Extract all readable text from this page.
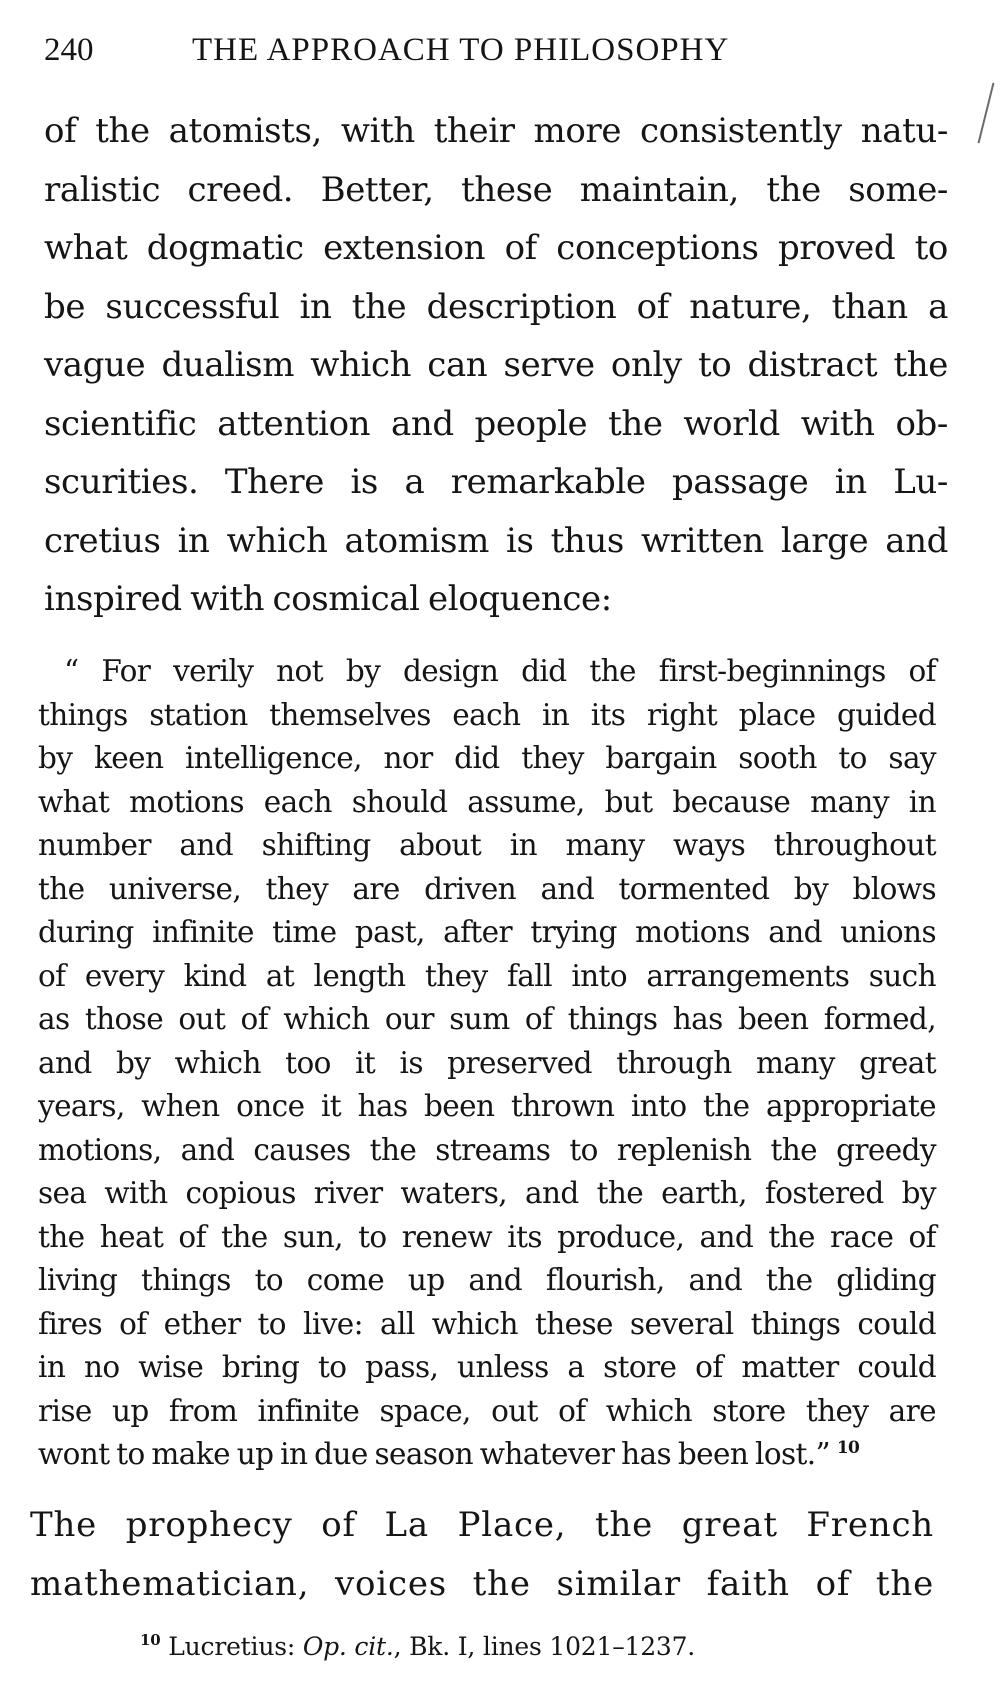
240	THE APPROACH TO PHILOSOPHY
of the atomists, with their more consistently natu-
ralistic creed. Better, these maintain, the some-
what dogmatic extension of conceptions proved to
be successful in the description of nature, than a
vague dualism which can serve only to distract the
scientific attention and people the world with ob-
scurities. There is a remarkable passage in Lu-
cretius in which atomism is thus written large and
inspired with cosmical eloquence:
“ For verily not by design did the first-beginnings of
things station themselves each in its right place guided
by keen intelligence, nor did they bargain sooth to say
what motions each should assume, but because many in
number and shifting about in many ways throughout
the universe, they are driven and tormented by blows
during infinite time past, after trying motions and unions
of every kind at length they fall into arrangements such
as those out of which our sum of things has been formed,
and by which too it is preserved through many great
years, when once it has been thrown into the appropriate
motions, and causes the streams to replenish the greedy
sea with copious river waters, and the earth, fostered by
the heat of the sun, to renew its produce, and the race of
living things to come up and flourish, and the gliding
fires of ether to live: all which these several things could
in no wise bring to pass, unless a store of matter could
rise up from infinite space, out of which store they are
wont to make up in due season whatever has been lost.” $^{10}$
The prophecy of La Place, the great French
mathematician, voices the similar faith of the
$^{10}$ Lucretius: Op. cit., Bk. I, lines 1021–1237.
